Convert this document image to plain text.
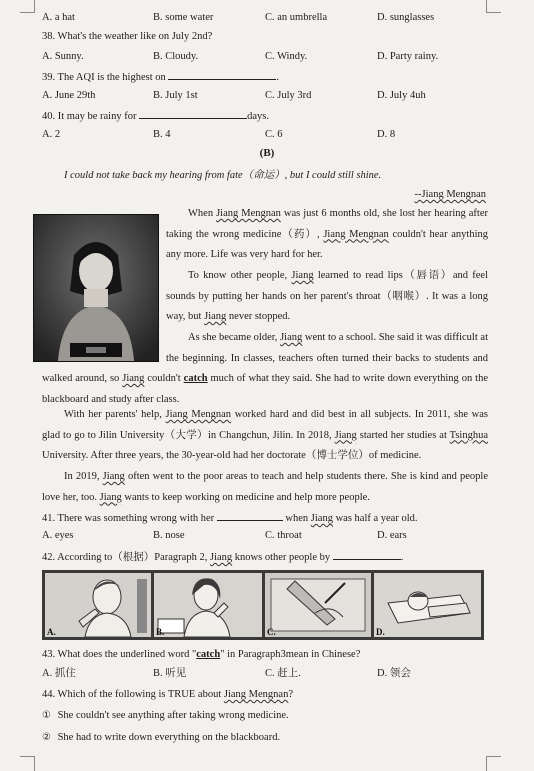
A. a hat	B. some water	C. an umbrella	D. sunglasses
38. What's the weather like on July 2nd?
A. Sunny.	B. Cloudy.	C. Windy.	D. Party rainy.
39. The AQI is the highest on	.
A. June 29th	B. July 1st	C. July 3rd	D. July 4uh
40. It may be rainy for	days.
A. 2	B. 4	C. 6	D. 8
(B)
I could not take back my hearing from fate（命运）, but I could still shine.
--Jiang Mengnan
When Jiang Mengnan was just 6 months old, she lost her hearing after taking the wrong medicine（药）, Jiang Mengnan couldn't hear anything any more. Life was very hard for her.
To know other people, Jiang learned to read lips（唇语）and feel sounds by putting her hands on her parent's throat（咽喉）. It was a long way, but Jiang never stopped.
As she became older, Jiang went to a school. She said it was difficult at the beginning. In classes, teachers often turned their backs to students and walked around, so Jiang couldn't catch much of what they said. She had to write down everything on the blackboard and study after class.
With her parents' help, Jiang Mengnan worked hard and did best in all subjects. In 2011, she was glad to go to Jilin University（大学）in Changchun, Jilin. In 2018, Jiang started her studies at Tsinghua University. After three years, the 30-year-old had her doctorate（博士学位）of medicine.
In 2019, Jiang often went to the poor areas to teach and help students there. She is kind and people love her, too. Jiang wants to keep working on medicine and help more people.
41. There was something wrong with her	when Jiang was half a year old.
A. eyes	B. nose	C. throat	D. ears
42. According to（根据）Paragraph 2, Jiang knows other people by	.
A.	B.	C.	D.
43. What does the underlined word "catch" in Paragraph3mean in Chinese?
A. 抓住	B. 听见	C. 赶上.	D. 领会
44. Which of the following is TRUE about Jiang Mengnan?
① She couldn't see anything after taking wrong medicine.
② She had to write down everything on the blackboard.
